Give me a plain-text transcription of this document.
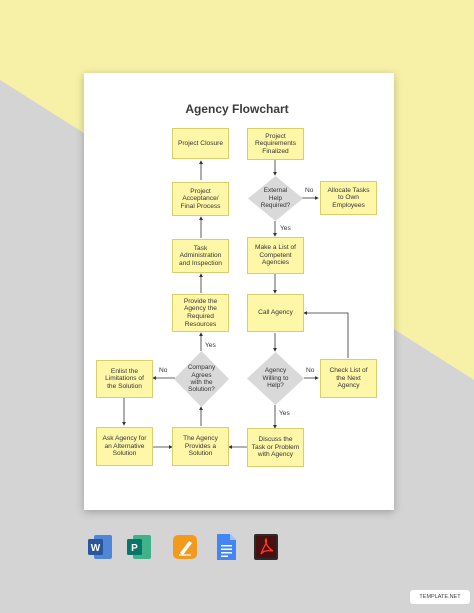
Agency Flowchart
Project Closure
Project
Acceptance/
Final Process
Task
Administration
and Inspection
Provide the
Agency the
Required
Resources
Company
Agrees
with the
Solution?
The Agency
Provides a
Solution
Enlist the
Limitations of
the Solution
Ask Agency for
an Alternative
Solution
Project
Requirements
Finalized
External
Help
Required?
Make a List of
Competent
Agencies
Call Agency
Agency
Willing to
Help?
Discuss the
Task or Problem
with Agency
Allocate Tasks
to Own
Employees
Check List of
the Next
Agency
No
Yes
Yes
No	No
Yes
W	P
TEMPLATE.NET
